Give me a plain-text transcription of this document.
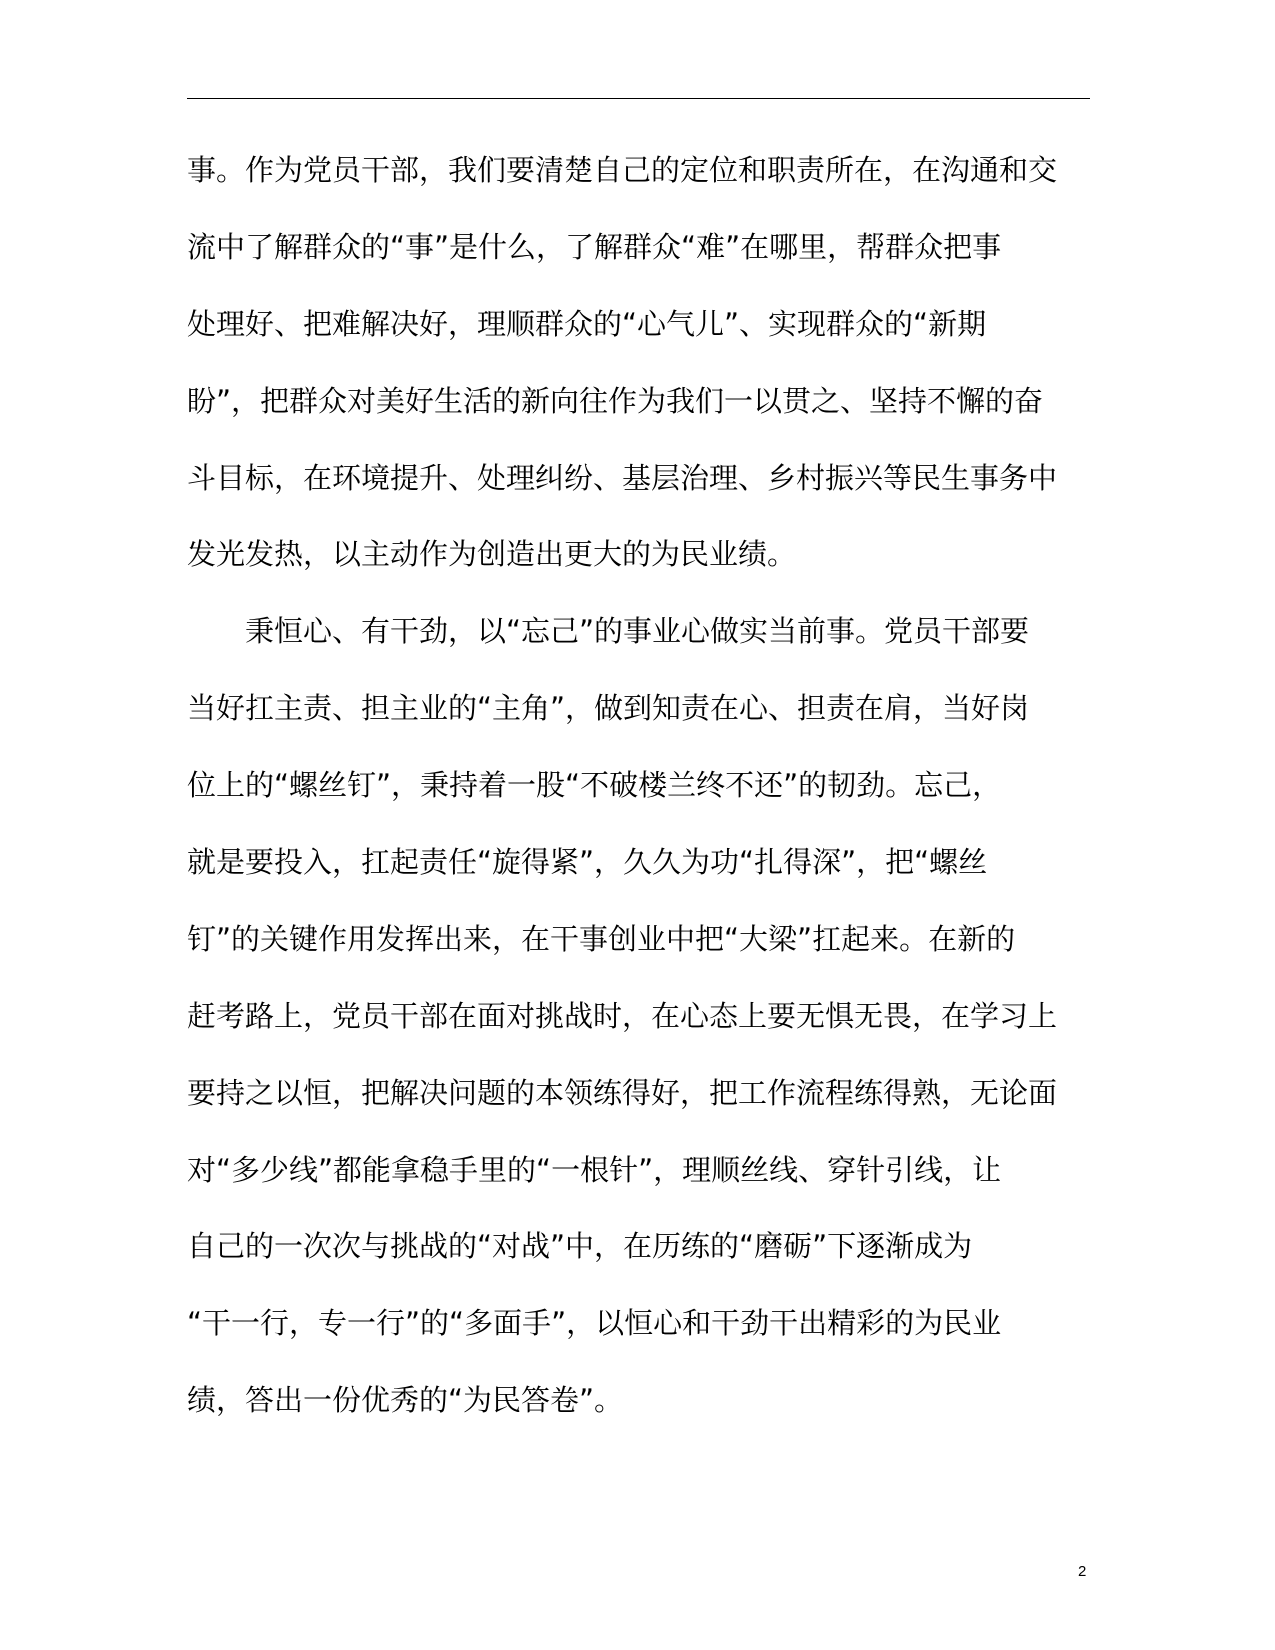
事。作为党员干部，我们要清楚自己的定位和职责所在，在沟通和交
流中了解群众的“事”是什么，了解群众“难”在哪里，帮群众把事
处理好、把难解决好，理顺群众的“心气儿”、实现群众的“新期
盼”，把群众对美好生活的新向往作为我们一以贯之、坚持不懈的奋
斗目标，在环境提升、处理纠纷、基层治理、乡村振兴等民生事务中
发光发热，以主动作为创造出更大的为民业绩。
秉恒心、有干劲，以“忘己”的事业心做实当前事。党员干部要
当好扛主责、担主业的“主角”，做到知责在心、担责在肩，当好岗
位上的“螺丝钉”，秉持着一股“不破楼兰终不还”的韧劲。忘己，
就是要投入，扛起责任“旋得紧”，久久为功“扎得深”，把“螺丝
钉”的关键作用发挥出来，在干事创业中把“大梁”扛起来。在新的
赶考路上，党员干部在面对挑战时，在心态上要无惧无畏，在学习上
要持之以恒，把解决问题的本领练得好，把工作流程练得熟，无论面
对“多少线”都能拿稳手里的“一根针”，理顺丝线、穿针引线，让
自己的一次次与挑战的“对战”中，在历练的“磨砺”下逐渐成为
“干一行，专一行”的“多面手”，以恒心和干劲干出精彩的为民业
绩，答出一份优秀的“为民答卷”。
2
